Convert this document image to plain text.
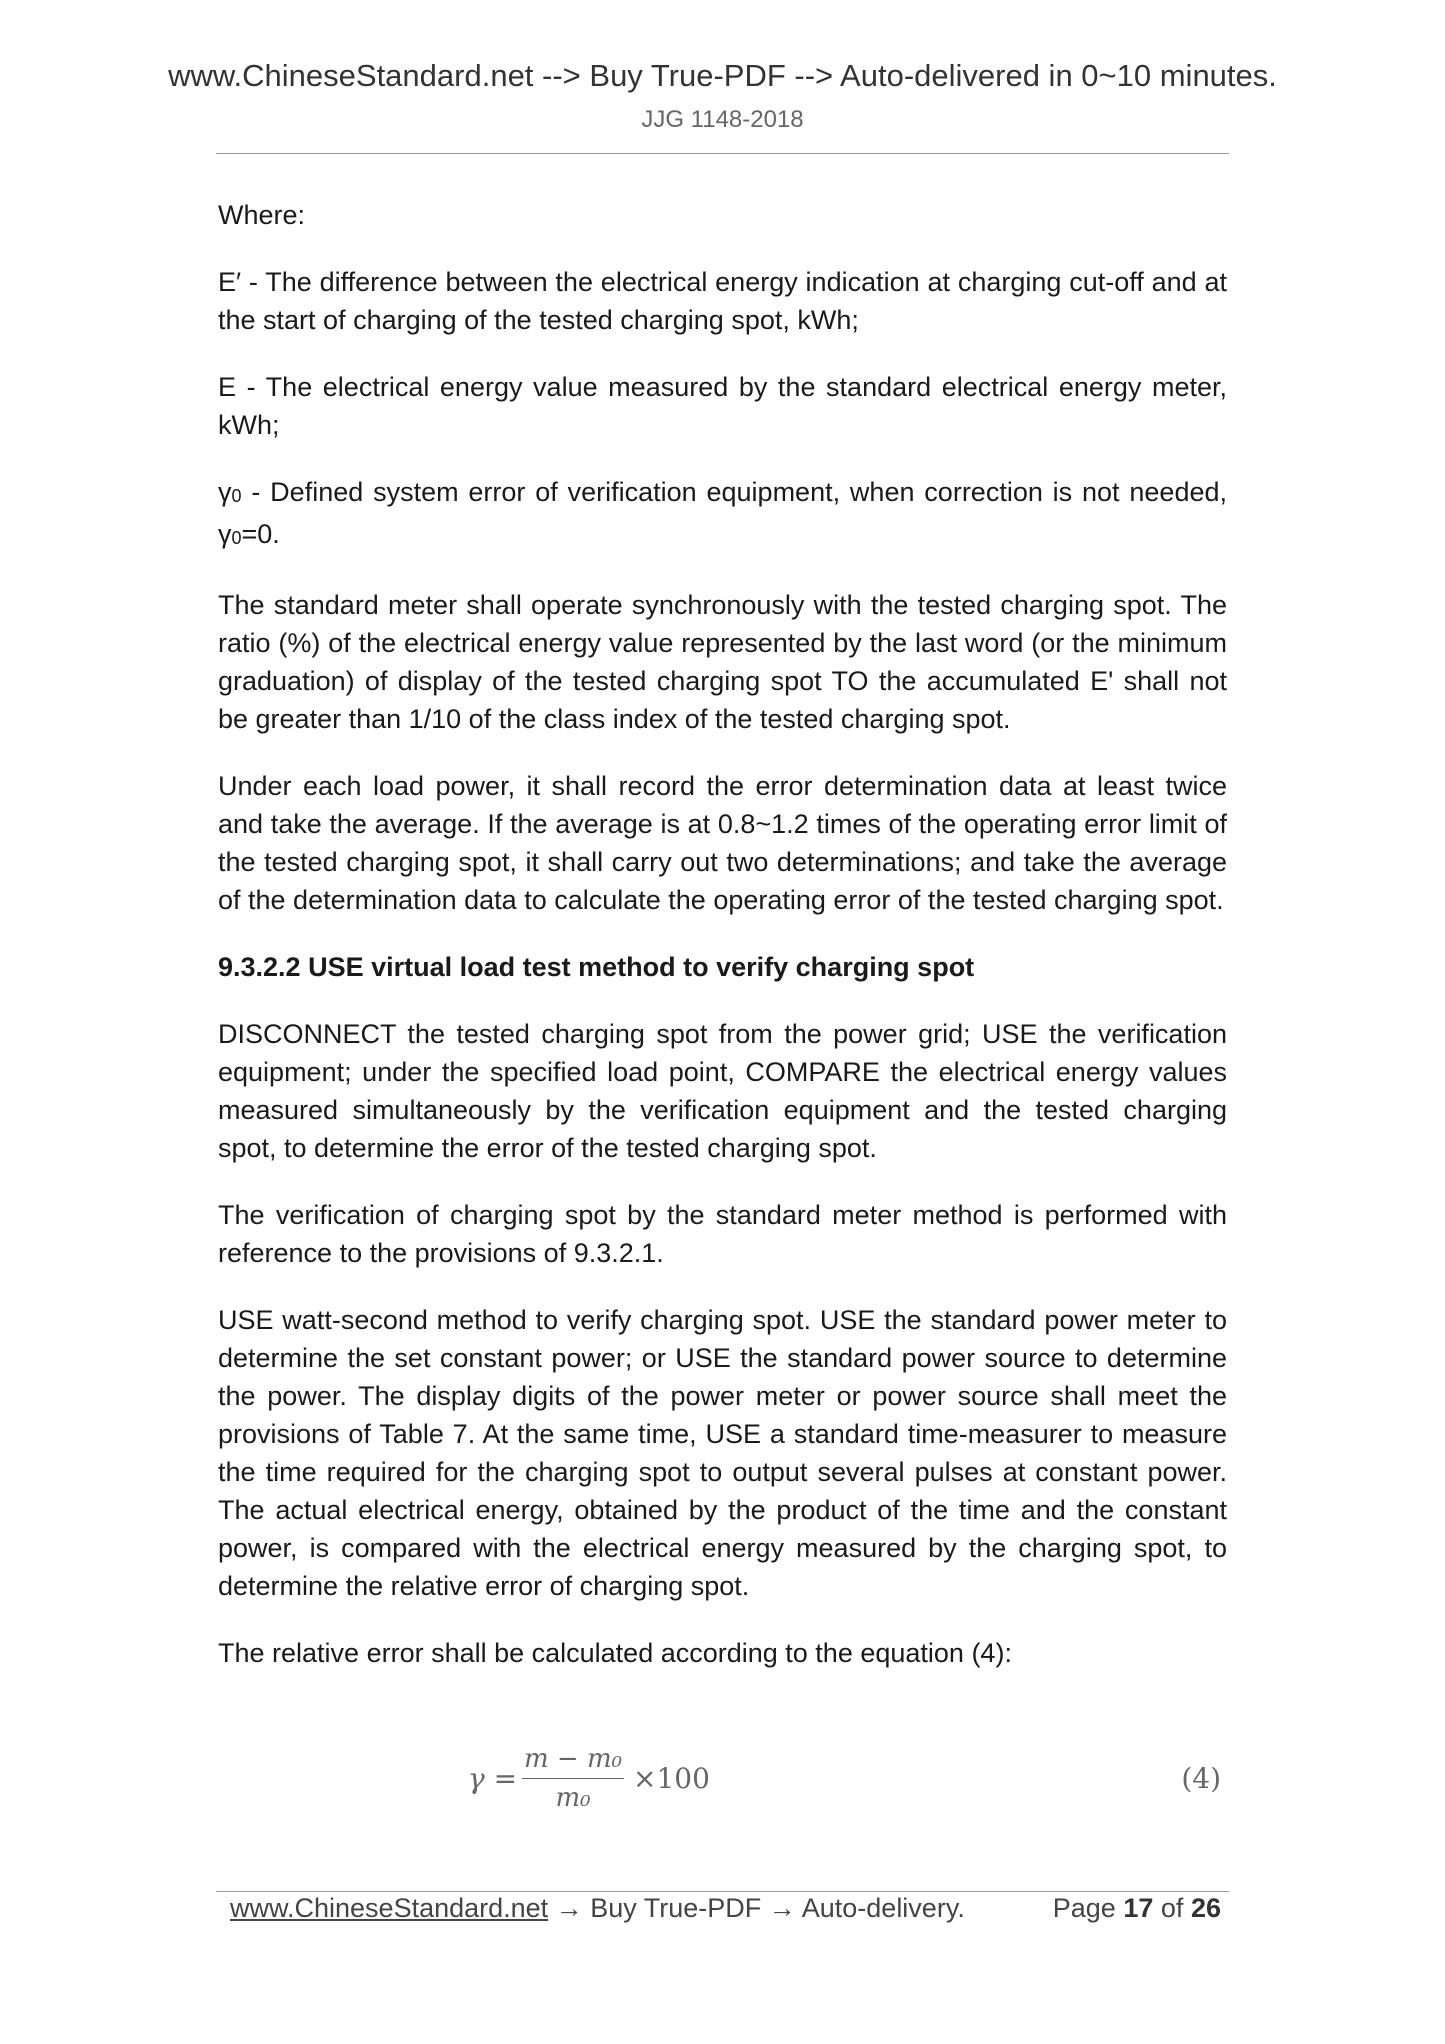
www.ChineseStandard.net --> Buy True-PDF --> Auto-delivered in 0~10 minutes.
JJG 1148-2018

Where:

E′ - The difference between the electrical energy indication at charging cut-off and at the start of charging of the tested charging spot, kWh;

E - The electrical energy value measured by the standard electrical energy meter, kWh;

γ0 - Defined system error of verification equipment, when correction is not needed, γ0=0.

The standard meter shall operate synchronously with the tested charging spot. The ratio (%) of the electrical energy value represented by the last word (or the minimum graduation) of display of the tested charging spot TO the accumulated E' shall not be greater than 1/10 of the class index of the tested charging spot.

Under each load power, it shall record the error determination data at least twice and take the average. If the average is at 0.8~1.2 times of the operating error limit of the tested charging spot, it shall carry out two determinations; and take the average of the determination data to calculate the operating error of the tested charging spot.

9.3.2.2 USE virtual load test method to verify charging spot

DISCONNECT the tested charging spot from the power grid; USE the verification equipment; under the specified load point, COMPARE the electrical energy values measured simultaneously by the verification equipment and the tested charging spot, to determine the error of the tested charging spot.

The verification of charging spot by the standard meter method is performed with reference to the provisions of 9.3.2.1.

USE watt-second method to verify charging spot. USE the standard power meter to determine the set constant power; or USE the standard power source to determine the power. The display digits of the power meter or power source shall meet the provisions of Table 7. At the same time, USE a standard time-measurer to measure the time required for the charging spot to output several pulses at constant power. The actual electrical energy, obtained by the product of the time and the constant power, is compared with the electrical energy measured by the charging spot, to determine the relative error of charging spot.

The relative error shall be calculated according to the equation (4):

γ =
m − m₀
m₀
×100	(4)
www.ChineseStandard.net → Buy True-PDF → Auto-delivery.	Page 17 of 26
